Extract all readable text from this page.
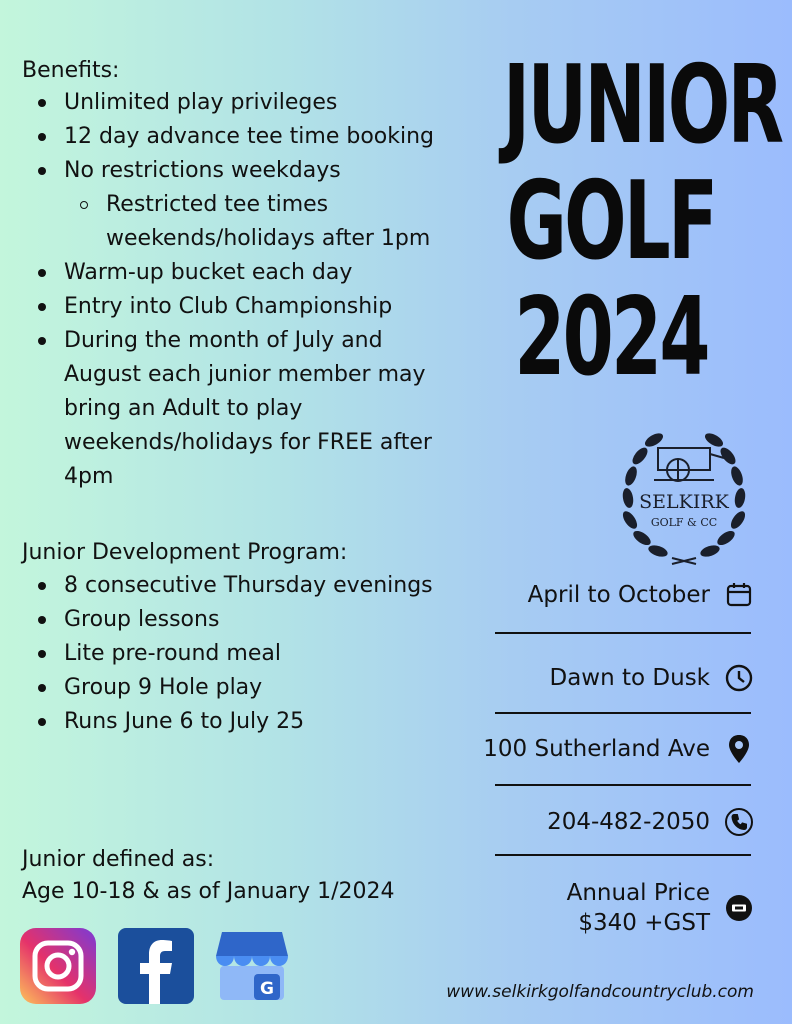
Benefits:
Unlimited play privileges
12 day advance tee time booking
No restrictions weekdays
Restricted tee times
weekends/holidays after 1pm
Warm-up bucket each day
Entry into Club Championship
During the month of July and
August each junior member may
bring an Adult to play
weekends/holidays for FREE after
4pm
Junior Development Program:
8 consecutive Thursday evenings
Group lessons
Lite pre-round meal
Group 9 Hole play
Runs June 6 to July 25
Junior defined as:
Age 10-18 & as of January 1/2024
JUNIOR
GOLF
2024
SELKIRK
GOLF & CC
April to October
Dawn to Dusk
100 Sutherland Ave
204-482-2050
Annual Price
$340 +GST
G	www.selkirkgolfandcountryclub.com
